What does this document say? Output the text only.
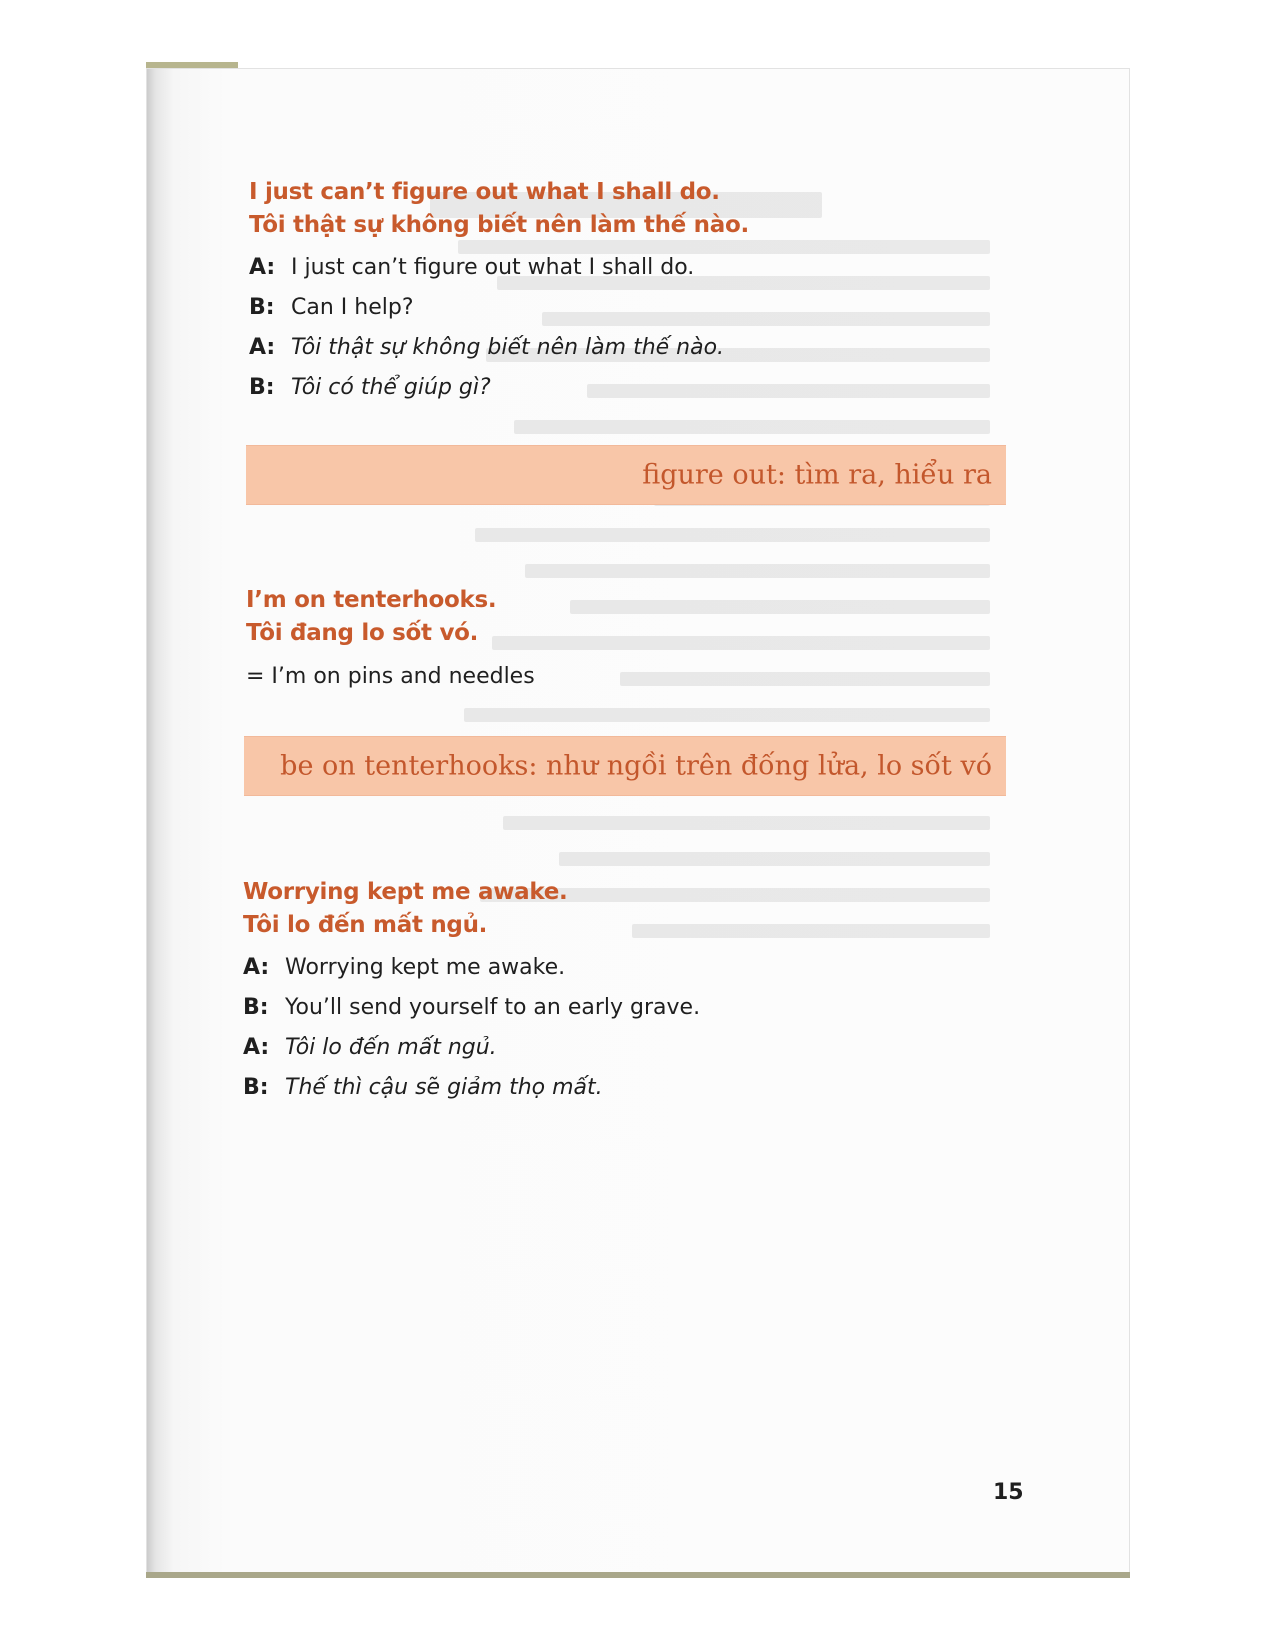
I just can’t figure out what I shall do.
Tôi thật sự không biết nên làm thế nào.
A: I just can’t figure out what I shall do.
B: Can I help?
A: Tôi thật sự không biết nên làm thế nào.
B: Tôi có thể giúp gì?
figure out: tìm ra, hiểu ra
I’m on tenterhooks.
Tôi đang lo sốt vó.
= I’m on pins and needles
be on tenterhooks: như ngồi trên đống lửa, lo sốt vó
Worrying kept me awake.
Tôi lo đến mất ngủ.
A: Worrying kept me awake.
B: You’ll send yourself to an early grave.
A: Tôi lo đến mất ngủ.
B: Thế thì cậu sẽ giảm thọ mất.
15
